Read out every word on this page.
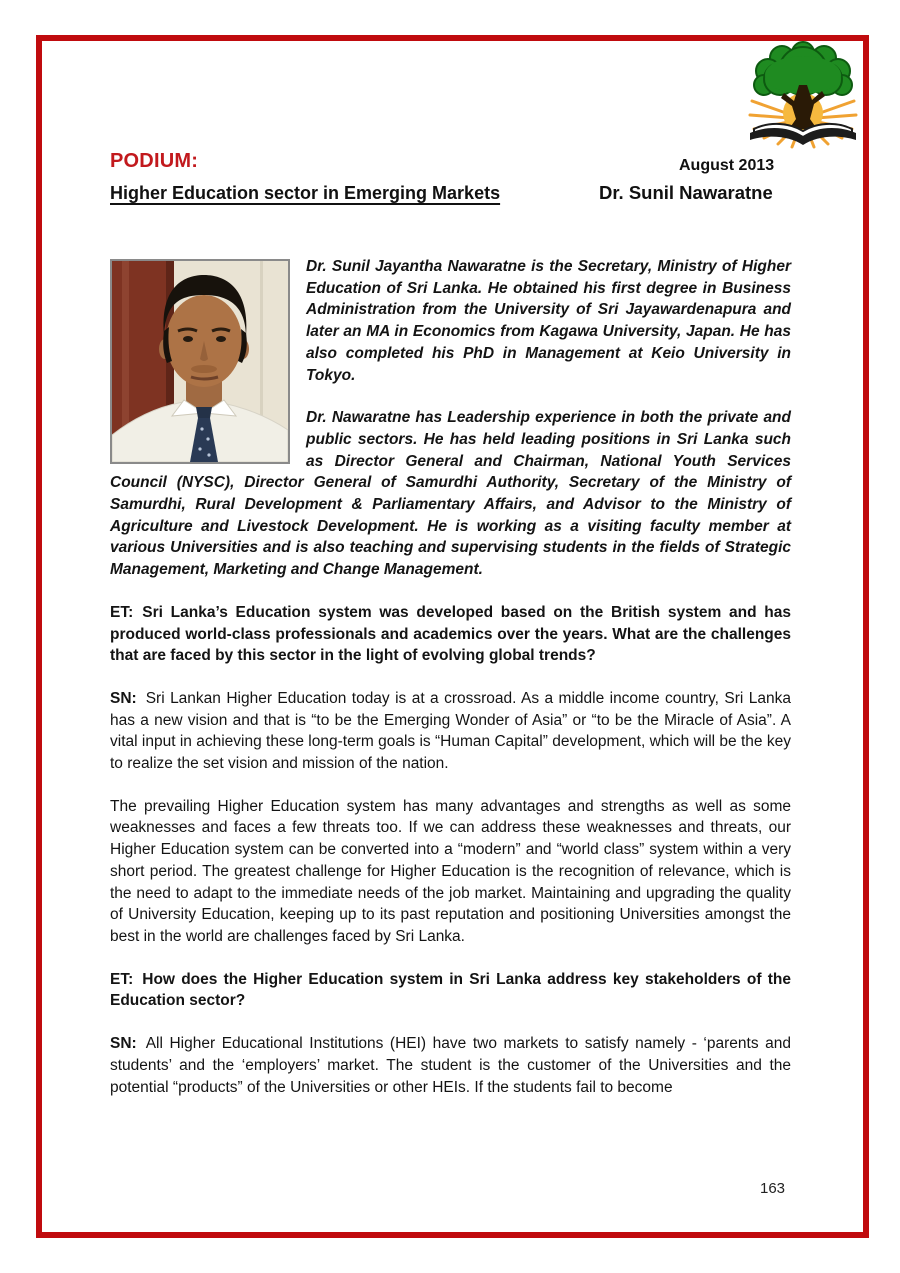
PODIUM:	August 2013
Higher Education sector in Emerging Markets	Dr. Sunil Nawaratne

Dr. Sunil Jayantha Nawaratne is the Secretary, Ministry of Higher Education of Sri Lanka. He obtained his first degree in Business Administration from the University of Sri Jayawardenapura and later an MA in Economics from Kagawa University, Japan. He has also completed his PhD in Management at Keio University in Tokyo.

Dr. Nawaratne has Leadership experience in both the private and public sectors. He has held leading positions in Sri Lanka such as Director General and Chairman, National Youth Services Council (NYSC), Director General of Samurdhi Authority, Secretary of the Ministry of Samurdhi, Rural Development & Parliamentary Affairs, and Advisor to the Ministry of Agriculture and Livestock Development. He is working as a visiting faculty member at various Universities and is also teaching and supervising students in the fields of Strategic Management, Marketing and Change Management.

ET: Sri Lanka’s Education system was developed based on the British system and has produced world-class professionals and academics over the years. What are the challenges that are faced by this sector in the light of evolving global trends?

SN: Sri Lankan Higher Education today is at a crossroad. As a middle income country, Sri Lanka has a new vision and that is “to be the Emerging Wonder of Asia” or “to be the Miracle of Asia”. A vital input in achieving these long-term goals is “Human Capital” development, which will be the key to realize the set vision and mission of the nation.

The prevailing Higher Education system has many advantages and strengths as well as some weaknesses and faces a few threats too. If we can address these weaknesses and threats, our Higher Education system can be converted into a “modern” and “world class” system within a very short period. The greatest challenge for Higher Education is the recognition of relevance, which is the need to adapt to the immediate needs of the job market. Maintaining and upgrading the quality of University Education, keeping up to its past reputation and positioning Universities amongst the best in the world are challenges faced by Sri Lanka.

ET: How does the Higher Education system in Sri Lanka address key stakeholders of the Education sector?

SN: All Higher Educational Institutions (HEI) have two markets to satisfy namely - ‘parents and students’ and the ‘employers’ market. The student is the customer of the Universities and the potential “products” of the Universities or other HEIs. If the students fail to become

163
